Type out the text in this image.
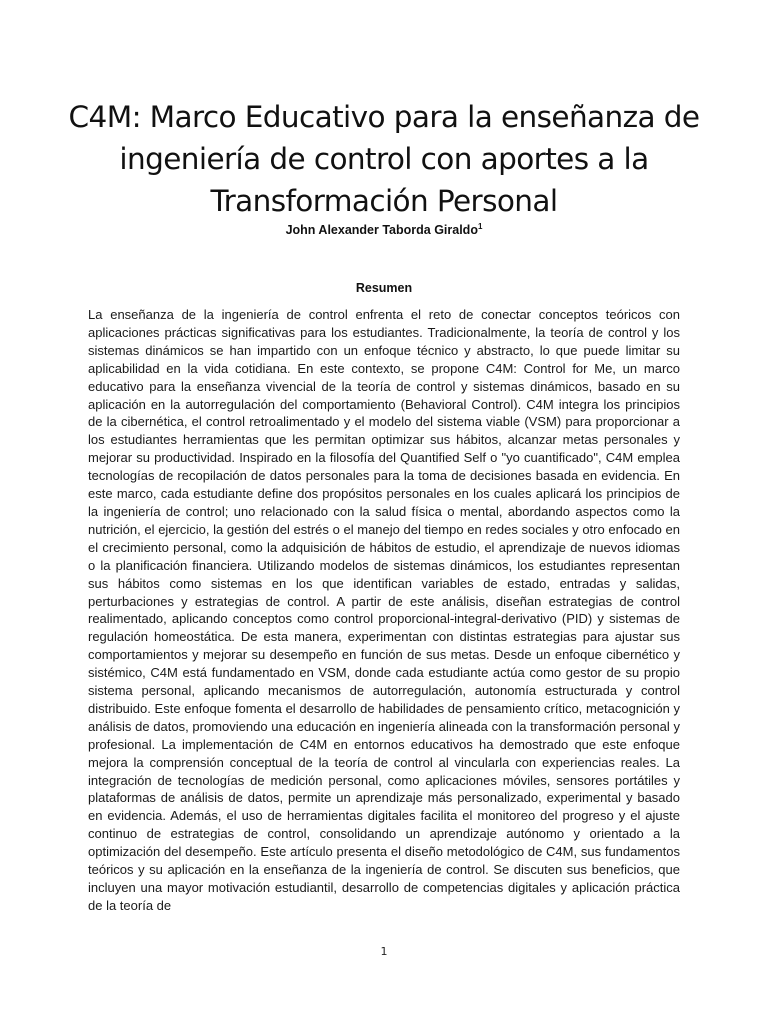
C4M: Marco Educativo para la enseñanza de ingeniería de control con aportes a la Transformación Personal
John Alexander Taborda Giraldo$^1$
Resumen

La enseñanza de la ingeniería de control enfrenta el reto de conectar conceptos teóricos con aplicaciones prácticas significativas para los estudiantes. Tradicionalmente, la teoría de control y los sistemas dinámicos se han impartido con un enfoque técnico y abstracto, lo que puede limitar su aplicabilidad en la vida cotidiana. En este contexto, se propone C4M: Control for Me, un marco educativo para la enseñanza vivencial de la teoría de control y sistemas dinámicos, basado en su aplicación en la autorregulación del comportamiento (Behavioral Control). C4M integra los principios de la cibernética, el control retroalimentado y el modelo del sistema viable (VSM) para proporcionar a los estudiantes herramientas que les permitan optimizar sus hábitos, alcanzar metas personales y mejorar su productividad. Inspirado en la filosofía del Quantified Self o "yo cuantificado", C4M emplea tecnologías de recopilación de datos personales para la toma de decisiones basada en evidencia. En este marco, cada estudiante define dos propósitos personales en los cuales aplicará los principios de la ingeniería de control; uno relacionado con la salud física o mental, abordando aspectos como la nutrición, el ejercicio, la gestión del estrés o el manejo del tiempo en redes sociales y otro enfocado en el crecimiento personal, como la adquisición de hábitos de estudio, el aprendizaje de nuevos idiomas o la planificación financiera. Utilizando modelos de sistemas dinámicos, los estudiantes representan sus hábitos como sistemas en los que identifican variables de estado, entradas y salidas, perturbaciones y estrategias de control. A partir de este análisis, diseñan estrategias de control realimentado, aplicando conceptos como control proporcional-integral-derivativo (PID) y sistemas de regulación homeostática. De esta manera, experimentan con distintas estrategias para ajustar sus comportamientos y mejorar su desempeño en función de sus metas. Desde un enfoque cibernético y sistémico, C4M está fundamentado en VSM, donde cada estudiante actúa como gestor de su propio sistema personal, aplicando mecanismos de autorregulación, autonomía estructurada y control distribuido. Este enfoque fomenta el desarrollo de habilidades de pensamiento crítico, metacognición y análisis de datos, promoviendo una educación en ingeniería alineada con la transformación personal y profesional. La implementación de C4M en entornos educativos ha demostrado que este enfoque mejora la comprensión conceptual de la teoría de control al vincularla con experiencias reales. La integración de tecnologías de medición personal, como aplicaciones móviles, sensores portátiles y plataformas de análisis de datos, permite un aprendizaje más personalizado, experimental y basado en evidencia. Además, el uso de herramientas digitales facilita el monitoreo del progreso y el ajuste continuo de estrategias de control, consolidando un aprendizaje autónomo y orientado a la optimización del desempeño. Este artículo presenta el diseño metodológico de C4M, sus fundamentos teóricos y su aplicación en la enseñanza de la ingeniería de control. Se discuten sus beneficios, que incluyen una mayor motivación estudiantil, desarrollo de competencias digitales y aplicación práctica de la teoría de

1
